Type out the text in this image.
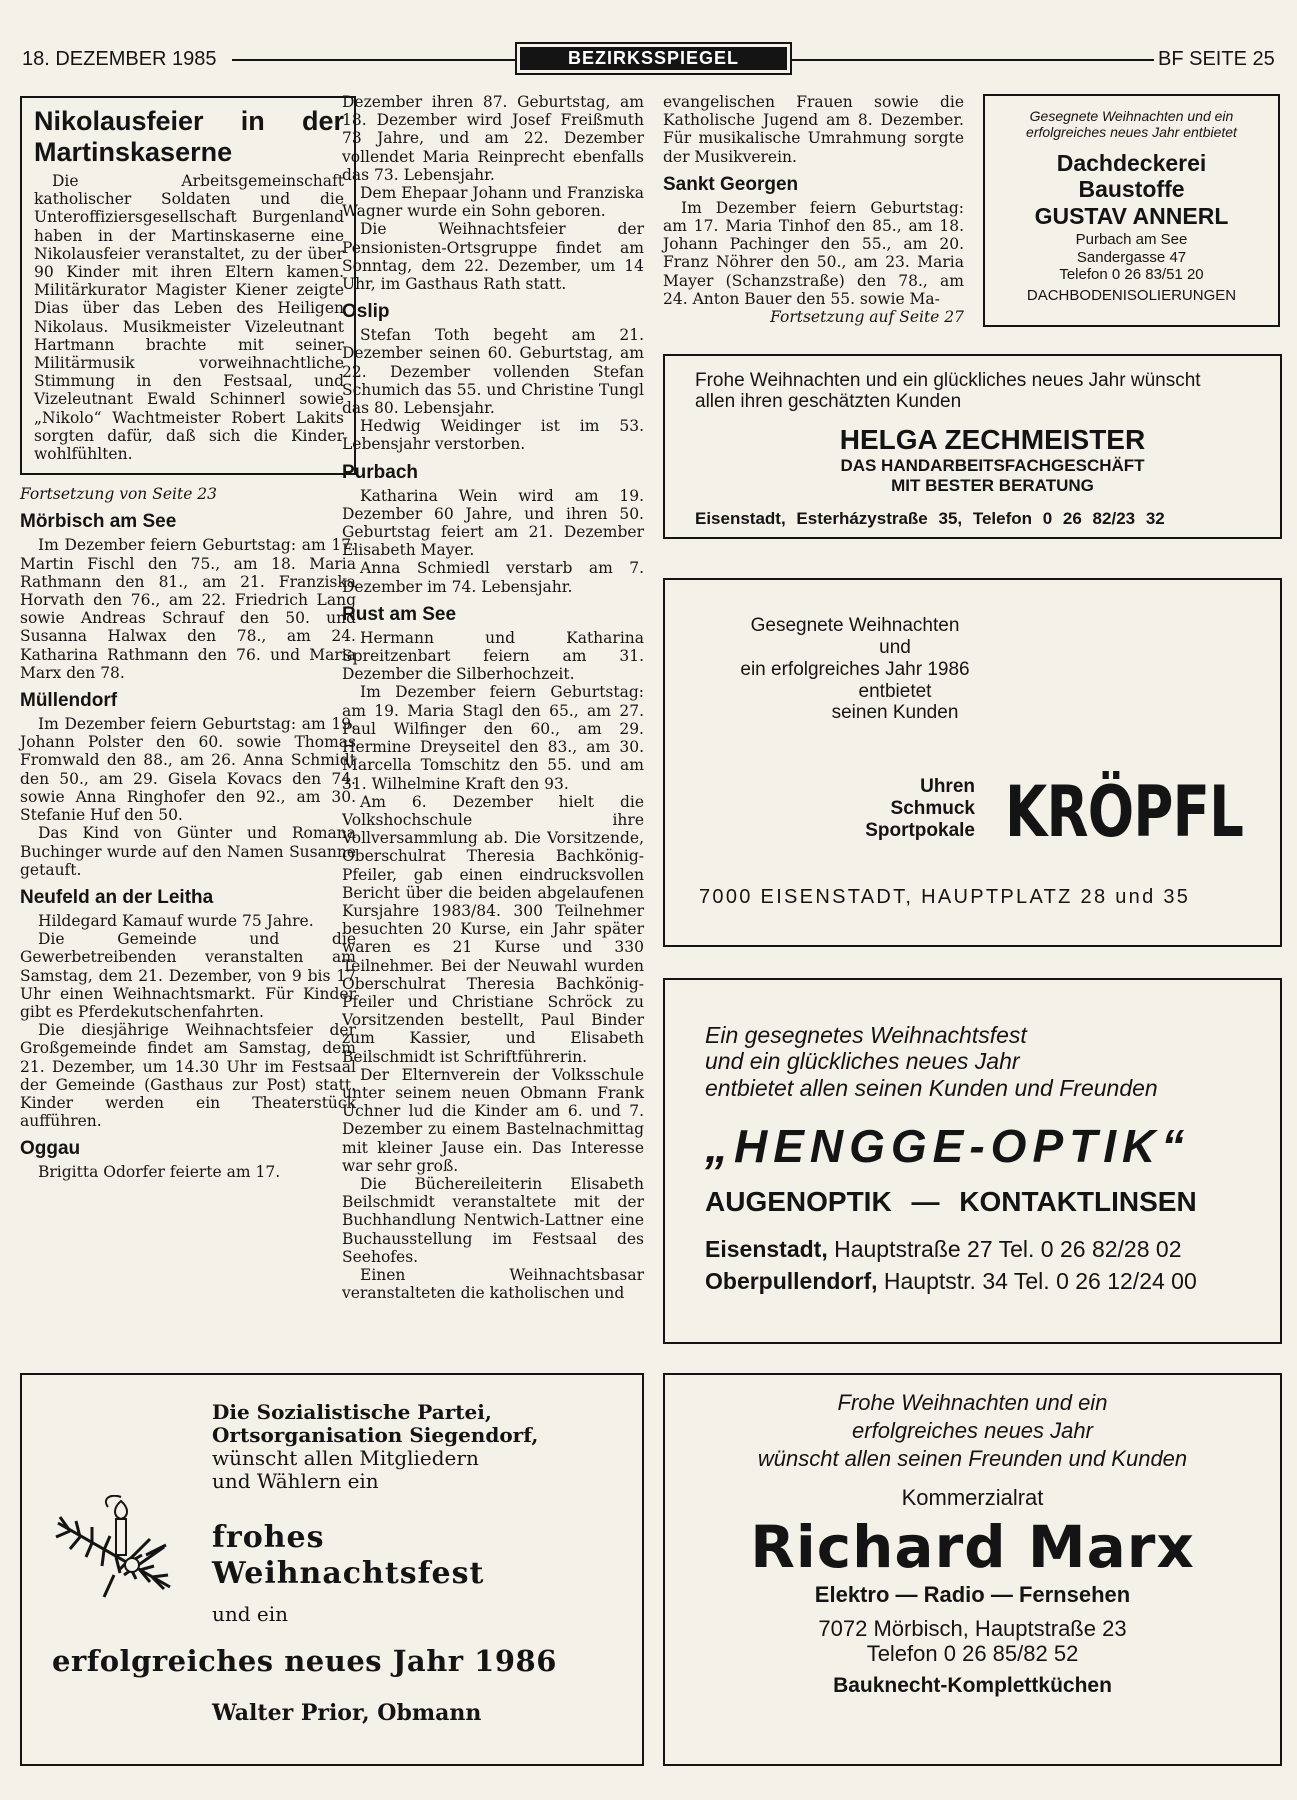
18. DEZEMBER 1985	BEZIRKSSPIEGEL	BF SEITE 25
Nikolausfeier in der Martinskaserne

Die Arbeitsgemeinschaft katholischer Soldaten und die Unteroffiziersgesellschaft Burgenland haben in der Martinskaserne eine Nikolausfeier veranstaltet, zu der über 90 Kinder mit ihren Eltern kamen. Militärkurator Magister Kiener zeigte Dias über das Leben des Heiligen Nikolaus. Musikmeister Vizeleutnant Hartmann brachte mit seiner Militärmusik vorweihnachtliche Stimmung in den Festsaal, und Vizeleutnant Ewald Schinnerl sowie „Nikolo“ Wachtmeister Robert Lakits sorgten dafür, daß sich die Kinder wohlfühlten.

Fortsetzung von Seite 23

Mörbisch am See

Im Dezember feiern Geburtstag: am 17. Martin Fischl den 75., am 18. Maria Rathmann den 81., am 21. Franziska Horvath den 76., am 22. Friedrich Lang sowie Andreas Schrauf den 50. und Susanna Halwax den 78., am 24. Katharina Rathmann den 76. und Maria Marx den 78.

Müllendorf

Im Dezember feiern Geburtstag: am 19. Johann Polster den 60. sowie Thomas Fromwald den 88., am 26. Anna Schmidt den 50., am 29. Gisela Kovacs den 74. sowie Anna Ringhofer den 92., am 30. Stefanie Huf den 50.

Das Kind von Günter und Romana Buchinger wurde auf den Namen Susanne getauft.

Neufeld an der Leitha

Hildegard Kamauf wurde 75 Jahre.

Die Gemeinde und die Gewerbetreibenden veranstalten am Samstag, dem 21. Dezember, von 9 bis 17 Uhr einen Weihnachtsmarkt. Für Kinder gibt es Pferdekutschenfahrten.

Die diesjährige Weihnachtsfeier der Großgemeinde findet am Samstag, dem 21. Dezember, um 14.30 Uhr im Festsaal der Gemeinde (Gasthaus zur Post) statt. Kinder werden ein Theaterstück aufführen.

Oggau

Brigitta Odorfer feierte am 17.

Dezember ihren 87. Geburtstag, am 18. Dezember wird Josef Freißmuth 73 Jahre, und am 22. Dezember vollendet Maria Reinprecht ebenfalls das 73. Lebensjahr.

Dem Ehepaar Johann und Franziska Wagner wurde ein Sohn geboren.

Die Weihnachtsfeier der Pensionisten-Ortsgruppe findet am Sonntag, dem 22. Dezember, um 14 Uhr, im Gasthaus Rath statt.

Oslip

Stefan Toth begeht am 21. Dezember seinen 60. Geburtstag, am 22. Dezember vollenden Stefan Schumich das 55. und Christine Tungl das 80. Lebensjahr.

Hedwig Weidinger ist im 53. Lebensjahr verstorben.

Purbach

Katharina Wein wird am 19. Dezember 60 Jahre, und ihren 50. Geburtstag feiert am 21. Dezember Elisabeth Mayer.

Anna Schmiedl verstarb am 7. Dezember im 74. Lebensjahr.

Rust am See

Hermann und Katharina Spreitzenbart feiern am 31. Dezember die Silberhochzeit.

Im Dezember feiern Geburtstag: am 19. Maria Stagl den 65., am 27. Paul Wilfinger den 60., am 29. Hermine Dreyseitel den 83., am 30. Marcella Tomschitz den 55. und am 31. Wilhelmine Kraft den 93.

Am 6. Dezember hielt die Volkshochschule ihre Vollversammlung ab. Die Vorsitzende, Oberschulrat Theresia Bachkönig-Pfeiler, gab einen eindrucksvollen Bericht über die beiden abgelaufenen Kursjahre 1983/84. 300 Teilnehmer besuchten 20 Kurse, ein Jahr später waren es 21 Kurse und 330 Teilnehmer. Bei der Neuwahl wurden Oberschulrat Theresia Bachkönig-Pfeiler und Christiane Schröck zu Vorsitzenden bestellt, Paul Binder zum Kassier, und Elisabeth Beilschmidt ist Schriftführerin.

Der Elternverein der Volksschule unter seinem neuen Obmann Frank Uchner lud die Kinder am 6. und 7. Dezember zu einem Bastelnachmittag mit kleiner Jause ein. Das Interesse war sehr groß.

Die Büchereileiterin Elisabeth Beilschmidt veranstaltete mit der Buchhandlung Nentwich-Lattner eine Buchausstellung im Festsaal des Seehofes.

Einen Weihnachtsbasar veranstalteten die katholischen und

evangelischen Frauen sowie die Katholische Jugend am 8. Dezember. Für musikalische Umrahmung sorgte der Musikverein.

Sankt Georgen

Im Dezember feiern Geburtstag: am 17. Maria Tinhof den 85., am 18. Johann Pachinger den 55., am 20. Franz Nöhrer den 50., am 23. Maria Mayer (Schanzstraße) den 78., am 24. Anton Bauer den 55. sowie Ma-

Fortsetzung auf Seite 27

Gesegnete Weihnachten und ein erfolgreiches neues Jahr entbietet
Dachdeckerei
Baustoffe
GUSTAV ANNERL
Purbach am See
Sandergasse 47
Telefon 0 26 83/51 20
DACHBODENISOLIERUNGEN
Frohe Weihnachten und ein glückliches neues Jahr wünscht allen ihren geschätzten Kunden
HELGA ZECHMEISTER
DAS HANDARBEITSFACHGESCHÄFT
MIT BESTER BERATUNG
Eisenstadt, Esterházystraße 35, Telefon 0 26 82/23 32
Gesegnete Weihnachten
und
ein erfolgreiches Jahr 1986
entbietet
seinen Kunden
Uhren
Schmuck
Sportpokale KRÖPFL
7000 EISENSTADT, HAUPTPLATZ 28 und 35
Ein gesegnetes Weihnachtsfest
und ein glückliches neues Jahr
entbietet allen seinen Kunden und Freunden
„HENGGE-OPTIK“
AUGENOPTIK — KONTAKTLINSEN
Eisenstadt, Hauptstraße 27 Tel. 0 26 82/28 02
Oberpullendorf, Hauptstr. 34 Tel. 0 26 12/24 00
Die Sozialistische Partei,
Ortsorganisation Siegendorf,
wünscht allen Mitgliedern
und Wählern ein
frohes
Weihnachtsfest
und ein
erfolgreiches neues Jahr 1986
Walter Prior, Obmann
Frohe Weihnachten und ein
erfolgreiches neues Jahr
wünscht allen seinen Freunden und Kunden
Kommerzialrat
Richard Marx
Elektro — Radio — Fernsehen
7072 Mörbisch, Hauptstraße 23
Telefon 0 26 85/82 52
Bauknecht-Komplettküchen
